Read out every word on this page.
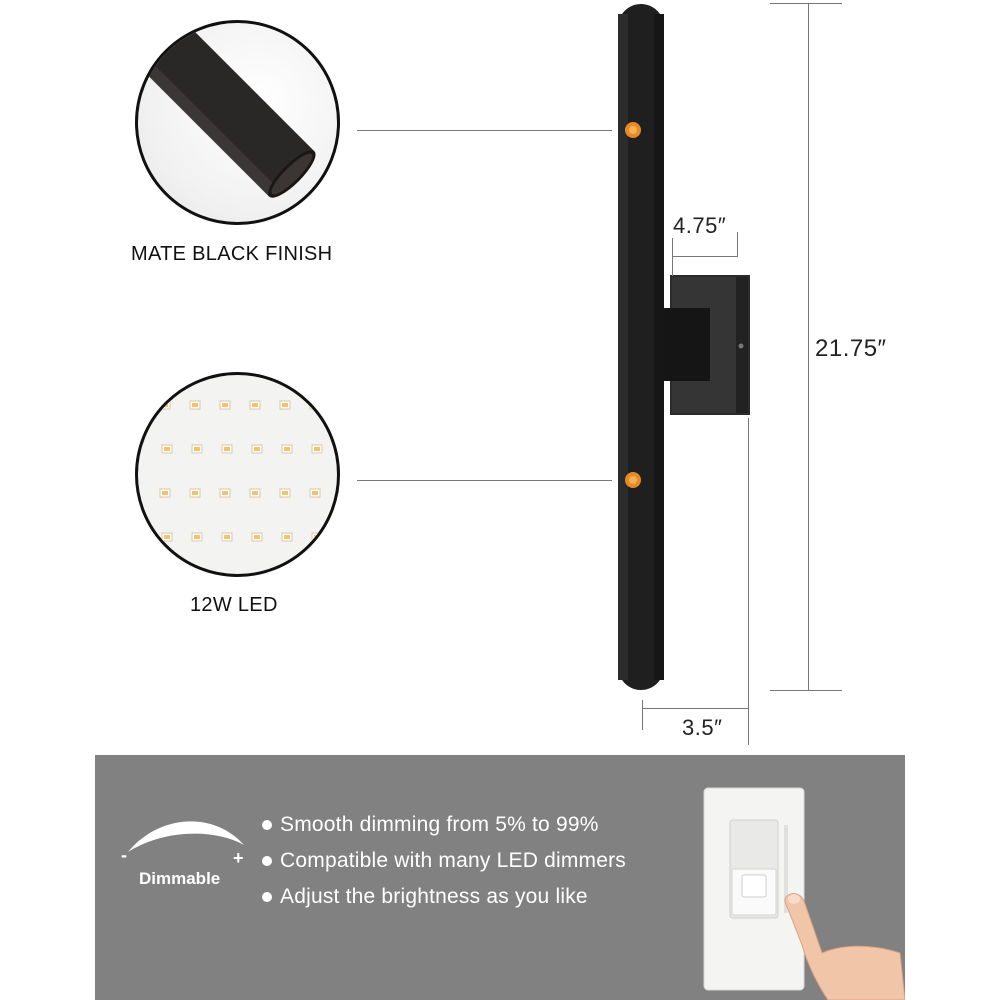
MATE BLACK FINISH
12W LED
4.75″
21.75″
3.5″
-	+
Dimmable
Smooth dimming from 5% to 99%
Compatible with many LED dimmers
Adjust the brightness as you like
